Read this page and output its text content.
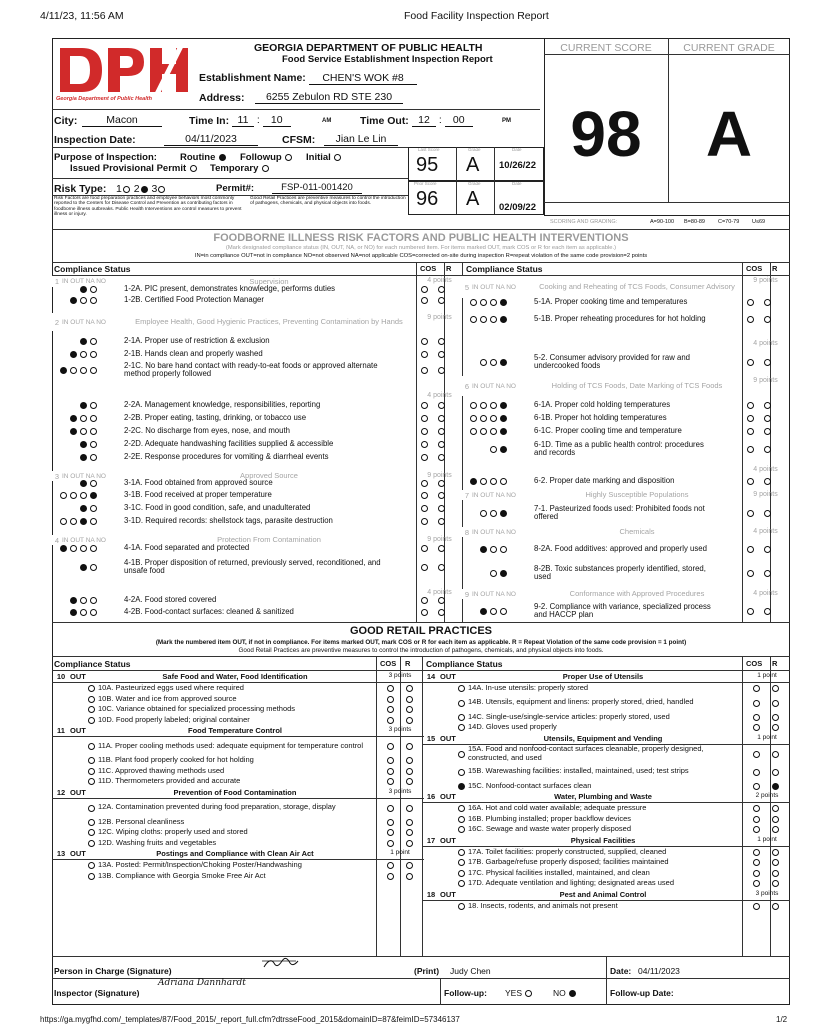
4/11/23, 11:56 AM	Food Facility Inspection Report
Georgia Department of Public Health
GEORGIA DEPARTMENT OF PUBLIC HEALTH
Food Service Establishment Inspection Report
Establishment Name:	CHEN'S WOK #8
Address:	6255 Zebulon RD STE 230
City:	Macon	Time In: 11 : 10	AM	Time Out: 12 : 00	PM
Inspection Date:	04/11/2023	CFSM:	Jian Le Lin
Purpose of Inspection: Routine	Followup	Initial
Issued Provisional Permit	Temporary
Risk Type: 1 2 3	Permit#:	FSP-011-001420
Risk Factors are food preparation practices and employee behaviors most commonly reported to the Centers for Disease Control and Prevention as contributing factors in foodborne illness outbreaks. Public Health Interventions are control measures to prevent illness or injury.
Good Retail Practices are preventive measures to control the introduction of pathogens, chemicals, and physical objects into foods.
Last Score	Grade	Date
95 A 10/26/22
Prior Score	Grade	Date
96 A 02/09/22
CURRENT SCORE	CURRENT GRADE
98	A
SCORING AND GRADING:	A=90-100 B=80-89 C=70-79 U≤69
FOODBORNE ILLNESS RISK FACTORS AND PUBLIC HEALTH INTERVENTIONS
(Mark designated compliance status (IN, OUT, NA, or NO) for each numbered item. For items marked OUT, mark COS or R for each item as applicable.)
IN=in compliance OUT=not in compliance NO=not observed NA=not applicable COS=corrected on-site during inspection R=repeat violation of the same code provision=2 points
Compliance Status	COS R Compliance Status	COS R
1 IN OUT NA NO	Supervision	4 points
1-2A. PIC present, demonstrates knowledge, performs duties
1-2B. Certified Food Protection Manager
2 IN OUT NA NO	Employee Health, Good Hygienic Practices, Preventing Contamination by Hands	9 points
2-1A. Proper use of restriction & exclusion
2-1B. Hands clean and properly washed
2-1C. No bare hand contact with ready-to-eat foods or approved alternate method properly followed
4 points
2-2A. Management knowledge, responsibilities, reporting
2-2B. Proper eating, tasting, drinking, or tobacco use
2-2C. No discharge from eyes, nose, and mouth
2-2D. Adequate handwashing facilities supplied & accessible
2-2E. Response procedures for vomiting & diarrheal events
3 IN OUT NA NO	Approved Source	9 points
3-1A. Food obtained from approved source
3-1B. Food received at proper temperature
3-1C. Food in good condition, safe, and unadulterated
3-1D. Required records: shellstock tags, parasite destruction
4 IN OUT NA NO	Protection From Contamination	9 points
4-1A. Food separated and protected
4-1B. Proper disposition of returned, previously served, reconditioned, and unsafe food
4 points
4-2A. Food stored covered
4-2B. Food-contact surfaces: cleaned & sanitized
5 IN OUT NA NO	Cooking and Reheating of TCS Foods, Consumer Advisory
9 points
5-1A. Proper cooking time and temperatures
5-1B. Proper reheating procedures for hot holding
4 points
5-2. Consumer advisory provided for raw and undercooked foods
6 IN OUT NA NO	Holding of TCS Foods, Date Marking of TCS Foods
9 points
6-1A. Proper cold holding temperatures
6-1B. Proper hot holding temperatures
6-1C. Proper cooling time and temperature
6-1D. Time as a public health control: procedures and records
4 points
6-2. Proper date marking and disposition
7 IN OUT NA NO	Highly Susceptible Populations	9 points
7-1. Pasteurized foods used: Prohibited foods not offered
8 IN OUT NA NO	Chemicals	4 points
8-2A. Food additives: approved and properly used
8-2B. Toxic substances properly identified, stored, used
9 IN OUT NA NO	Conformance with Approved Procedures	4 points
9-2. Compliance with variance, specialized process and HACCP plan
GOOD RETAIL PRACTICES
(Mark the numbered item OUT, if not in compliance. For items marked OUT, mark COS or R for each item as applicable. R = Repeat Violation of the same code provision = 1 point)
Good Retail Practices are preventive measures to control the introduction of pathogens, chemicals, and physical objects into foods.
Compliance Status	COS R Compliance Status	COS R
10 OUT	Safe Food and Water, Food Identification	3 points
10A. Pasteurized eggs used where required
10B. Water and ice from approved source
10C. Variance obtained for specialized processing methods
10D. Food properly labeled; original container
11 OUT	Food Temperature Control	3 points
11A. Proper cooling methods used: adequate equipment for temperature control
11B. Plant food properly cooked for hot holding
11C. Approved thawing methods used
11D. Thermometers provided and accurate
12 OUT	Prevention of Food Contamination	3 points
12A. Contamination prevented during food preparation, storage, display
12B. Personal cleanliness
12C. Wiping cloths: properly used and stored
12D. Washing fruits and vegetables
13 OUT	Postings and Compliance with Clean Air Act	1 point
13A. Posted: Permit/Inspection/Choking Poster/Handwashing
13B. Compliance with Georgia Smoke Free Air Act
14 OUT	Proper Use of Utensils	1 point
14A. In-use utensils: properly stored
14B. Utensils, equipment and linens: properly stored, dried, handled
14C. Single-use/single-service articles: properly stored, used
14D. Gloves used properly
15 OUT	Utensils, Equipment and Vending	1 point
15A. Food and nonfood-contact surfaces cleanable, properly designed, constructed, and used
15B. Warewashing facilities: installed, maintained, used; test strips
15C. Nonfood-contact surfaces clean
16 OUT	Water, Plumbing and Waste	2 points
16A. Hot and cold water available; adequate pressure
16B. Plumbing installed; proper backflow devices
16C. Sewage and waste water properly disposed
17 OUT	Physical Facilities	1 point
17A. Toilet facilities: properly constructed, supplied, cleaned
17B. Garbage/refuse properly disposed; facilities maintained
17C. Physical facilities installed, maintained, and clean
17D. Adequate ventilation and lighting; designated areas used
18 OUT	Pest and Animal Control	3 points
18. Insects, rodents, and animals not present
Person in Charge (Signature)	(Print) Judy Chen	Date: 04/11/2023
Inspector (Signature)
Adriana Dannhardt
Follow-up: YES	NO	Follow-up Date:
https://ga.mygfhd.com/_templates/87/Food_2015/_report_full.cfm?dtrsseFood_2015&domainID=87&feimID=57346137	1/2
